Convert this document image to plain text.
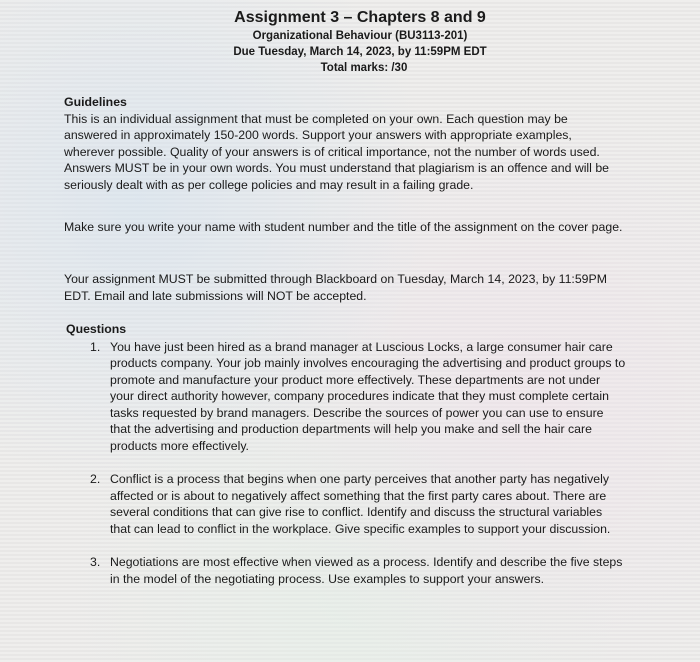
Assignment 3 – Chapters 8 and 9

Organizational Behaviour (BU3113-201)

Due Tuesday, March 14, 2023, by 11:59PM EDT

Total marks: /30

Guidelines

This is an individual assignment that must be completed on your own. Each question may be answered in approximately 150-200 words. Support your answers with appropriate examples, wherever possible. Quality of your answers is of critical importance, not the number of words used. Answers MUST be in your own words. You must understand that plagiarism is an offence and will be seriously dealt with as per college policies and may result in a failing grade.

Make sure you write your name with student number and the title of the assignment on the cover page.

Your assignment MUST be submitted through Blackboard on Tuesday, March 14, 2023, by 11:59PM EDT. Email and late submissions will NOT be accepted.

Questions

1. You have just been hired as a brand manager at Luscious Locks, a large consumer hair care products company. Your job mainly involves encouraging the advertising and product groups to promote and manufacture your product more effectively. These departments are not under your direct authority however, company procedures indicate that they must complete certain tasks requested by brand managers. Describe the sources of power you can use to ensure that the advertising and production departments will help you make and sell the hair care products more effectively.
2. Conflict is a process that begins when one party perceives that another party has negatively affected or is about to negatively affect something that the first party cares about. There are several conditions that can give rise to conflict. Identify and discuss the structural variables that can lead to conflict in the workplace. Give specific examples to support your discussion.
3. Negotiations are most effective when viewed as a process. Identify and describe the five steps in the model of the negotiating process. Use examples to support your answers.
